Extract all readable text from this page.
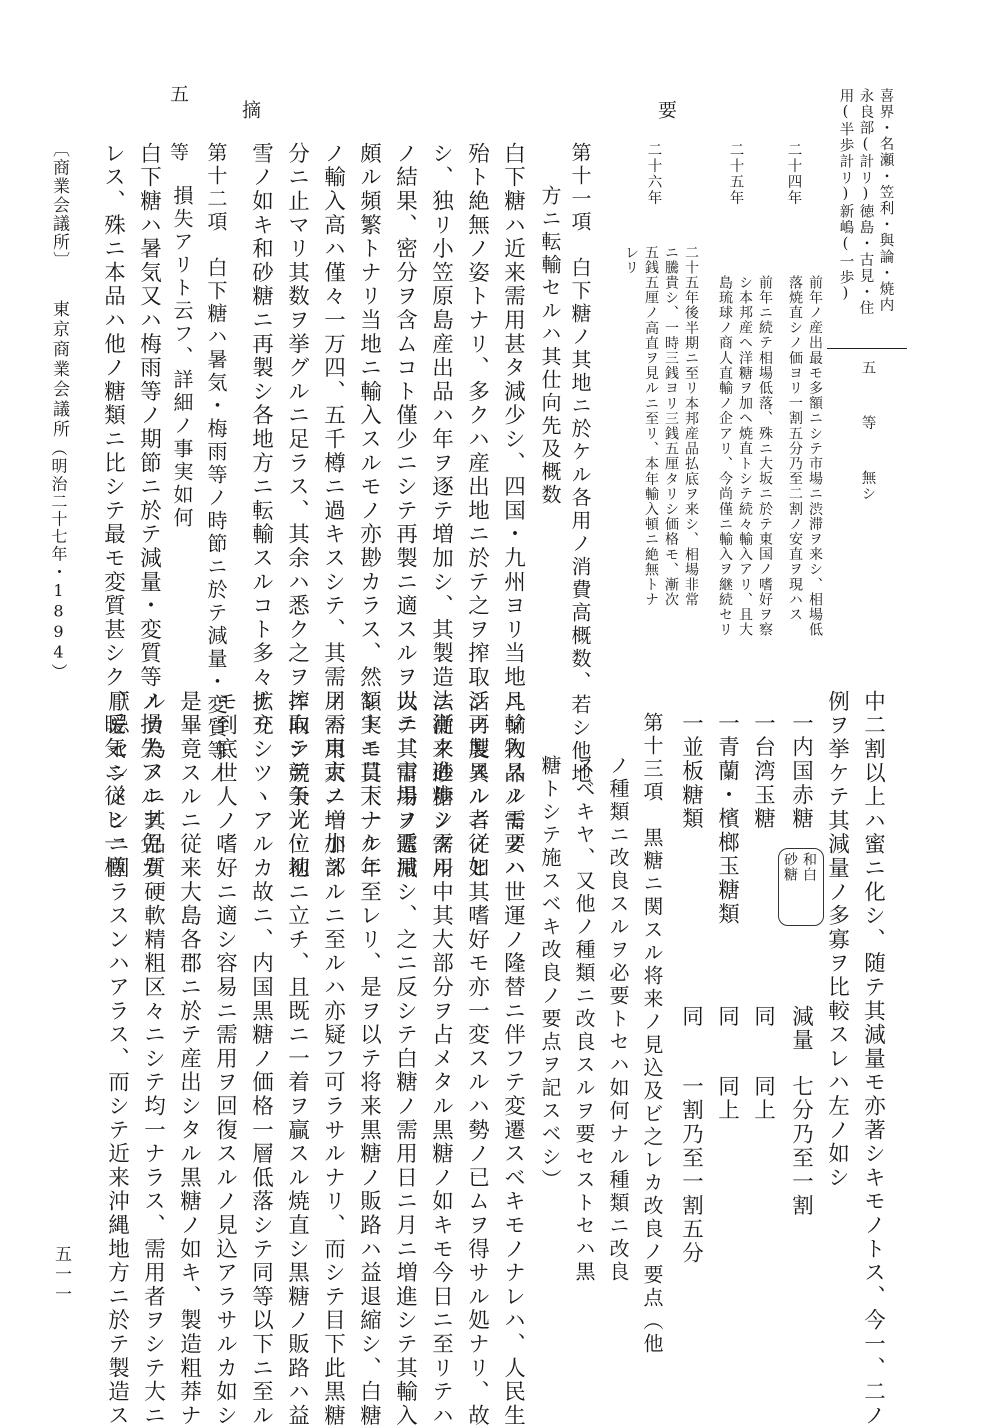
五
等
摘	要	喜界・名瀬・笠利・與論・焼内
永良部(計リ)徳島・古見・住
用(半歩計リ)新嶋(一歩)
五
等
無シ
二十四年
前年ノ産出最モ多額ニシテ市場ニ渋滞ヲ来シ、相場低
落焼直シノ価ヨリ一割五分乃至二割ノ安直ヲ現ハス
二十五年
前年ニ続テ相場低落、殊ニ大坂ニ於テ東国ノ嗜好ヲ察
シ本邦産ヘ洋糖ヲ加ヘ焼直トシテ続々輸入アリ、且大
島琉球ノ商人直輸ノ企アリ、今尚僅ニ輸入ヲ継続セリ
二十六年
二十五年後半期ニ至リ本邦産品払底ヲ来シ、相場非常
ニ騰貴シ、一時三銭ヨリ三銭五厘タリシ価格モ、漸次
五銭五厘ノ高直ヲ見ルニ至リ、本年輸入頓ニ絶無トナ
レリ
第十一項　白下糖ノ其地ニ於ケル各用ノ消費高概数、若シ他地
方ニ転輸セルハ其仕向先及概数
白下糖ハ近来需用甚タ減少シ、四国・九州ヨリ当地ニ輸入スルモノハ
殆ト絶無ノ姿トナリ、多クハ産出地ニ於テ之ヲ搾取シ再製スル者ノ如
シ、独リ小笠原島産出品ハ年ヲ逐テ増加シ、其製造法漸ク進歩シタル
ノ結果、密分ヲ含ムコト僅少ニシテ再製ニ適スルヲ以テ、市場ノ需用
頗ル頻繁トナリ当地ニ輸入スルモノ亦尠カラス、然レトモ目下一ケ年
ノ輸入高ハ僅々一万四、五千樽ニ過キスシテ、其需用ハ東京ノ一小部
分ニ止マリ其数ヲ挙グルニ足ラス、其余ハ悉ク之ヲ搾取シテ天光・初
雪ノ如キ和砂糖ニ再製シ各地方ニ転輸スルコト多々ナリ
第十二項　白下糖ハ暑気・梅雨等ノ時節ニ於テ減量・変質等ノ
損失アリト云フ、詳細ノ事実如何
白下糖ハ暑気又ハ梅雨等ノ期節ニ於テ減量・変質等ノ損失アルヲ免カ
レス、殊ニ本品ハ他ノ糖類ニ比シテ最モ変質甚シク、暖気ニ従ヒ一樽
中二割以上ハ蜜ニ化シ、随テ其減量モ亦著シキモノトス、今一、二ノ
例ヲ挙ケテ其減量ノ多寡ヲ比較スレハ左ノ如シ
一内国赤糖
和白
砂糖
減量
七分乃至一割
一台湾玉糖
同
同上
一青蘭・檳榔玉糖類
同
同上
一並板糖類
同
一割乃至一割五分
第十三項　黒糖ニ関スル将来ノ見込及ビ之レカ改良ノ要点（他
ノ種類ニ改良スルヲ必要トセハ如何ナル種類ニ改良
スベキヤ、又他ノ種類ニ改良スルヲ要セストセハ黒
糖トシテ施スベキ改良ノ要点ヲ記スベシ）
凡ソ物品ノ需要ハ世運ノ隆替ニ伴フテ変遷スベキモノナレハ、人民生
活ノ度異ルニ従ヒ其嗜好モ亦一変スルハ勢ノ已ムヲ得サル処ナリ、故
ニ従来砂糖ノ需用中其大部分ヲ占メタル黒糖ノ如キモ今日ニ至リテハ
大ニ其需用ヲ遞減シ、之ニ反シテ白糖ノ需用日ニ月ニ増進シテ其輸入
額実ニ莫大ナルニ至レリ、是ヲ以テ将来黒糖ノ販路ハ益退縮シ、白糖
ノ需用大ニ増加スルニ至ルハ亦疑フ可ラサルナリ、而シテ目下此黒糖
ニ向テ競争ノ位地ニ立チ、且既ニ一着ヲ贏スル焼直シ黒糖ノ販路ハ益
拡充シツヽアルカ故ニ、内国黒糖ノ価格一層低落シテ同等以下ニ至ル
モ到底世人ノ嗜好ニ適シ容易ニ需用ヲ回復スルノ見込アラサルカ如シ
是畢竟スルニ従来大島各郡ニ於テ産出シタル黒糖ノ如キ、製造粗莽ナ
ルカ為メニ其品質硬軟精粗区々ニシテ均一ナラス、需用者ヲシテ大ニ
厭忌セシメシニ因ラスンハアラス、而シテ近来沖縄地方ニ於テ製造ス
〔商業会議所〕
東京商業会議所
（明治二十七年・1894）
五一一
